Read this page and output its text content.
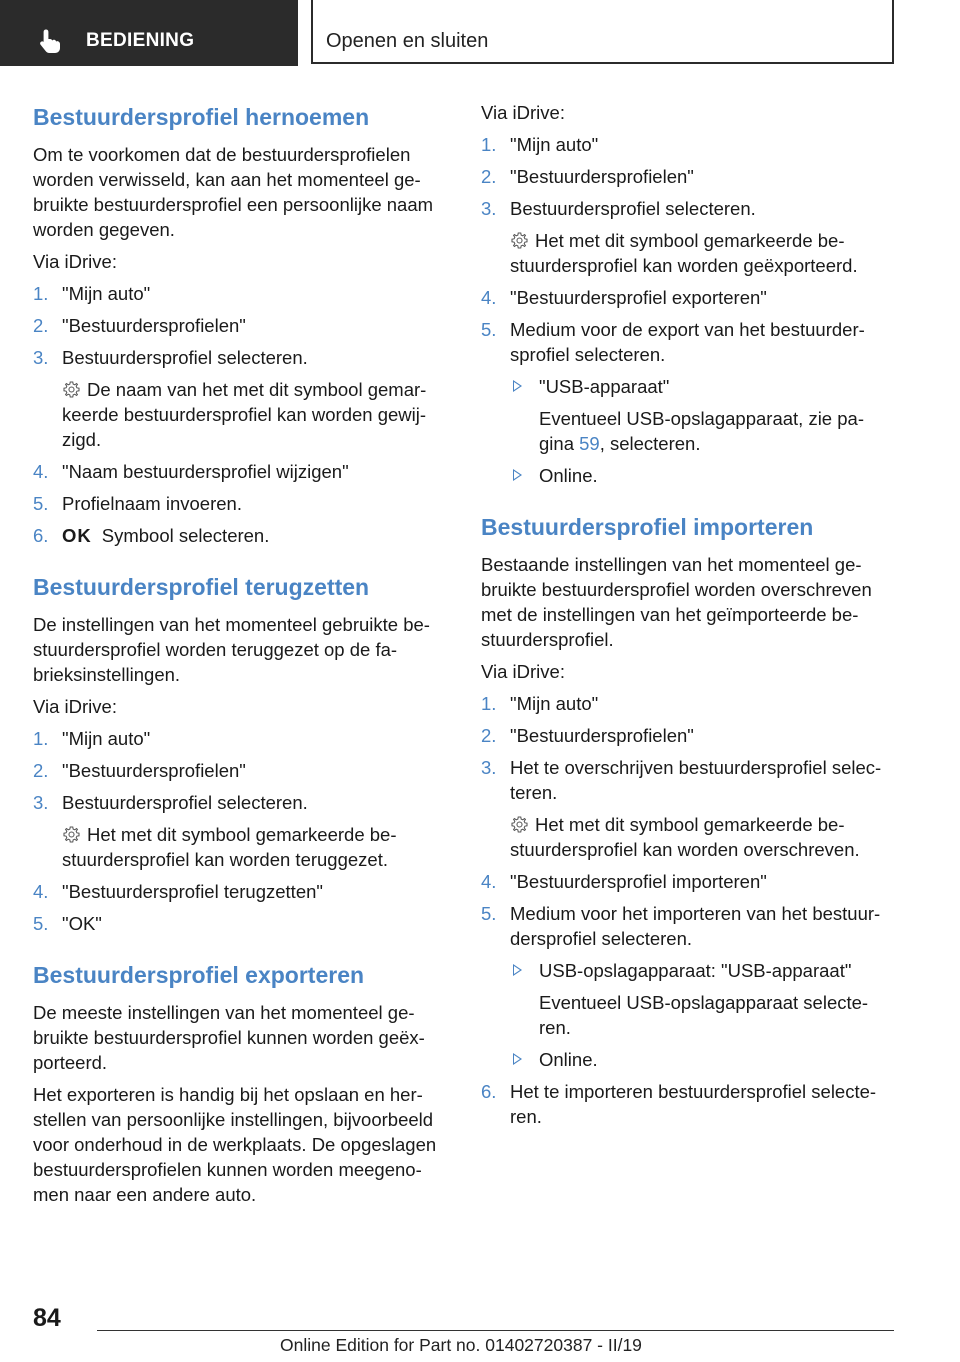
BEDIENING	Openen en sluiten
Bestuurdersprofiel hernoemen

Om te voorkomen dat de bestuurdersprofielen worden verwisseld, kan aan het momenteel ge- bruikte bestuurdersprofiel een persoonlijke naam worden gegeven.

Via iDrive:

1. "Mijn auto"
2. "Bestuurdersprofielen"
3. Bestuurdersprofiel selecteren.
De naam van het met dit symbool gemar- keerde bestuurdersprofiel kan worden gewij- zigd.
4. "Naam bestuurdersprofiel wijzigen"
5. Profielnaam invoeren.
6. OK Symbool selecteren.
Bestuurdersprofiel terugzetten

De instellingen van het momenteel gebruikte be- stuurdersprofiel worden teruggezet op de fa- brieksinstellingen.

Via iDrive:

1. "Mijn auto"
2. "Bestuurdersprofielen"
3. Bestuurdersprofiel selecteren.
Het met dit symbool gemarkeerde be- stuurdersprofiel kan worden teruggezet.
4. "Bestuurdersprofiel terugzetten"
5. "OK"
Bestuurdersprofiel exporteren

De meeste instellingen van het momenteel ge- bruikte bestuurdersprofiel kunnen worden geëx- porteerd.

Het exporteren is handig bij het opslaan en her- stellen van persoonlijke instellingen, bijvoorbeeld voor onderhoud in de werkplaats. De opgeslagen bestuurdersprofielen kunnen worden meegeno- men naar een andere auto.

Via iDrive:

1. "Mijn auto"
2. "Bestuurdersprofielen"
3. Bestuurdersprofiel selecteren.
Het met dit symbool gemarkeerde be- stuurdersprofiel kan worden geëxporteerd.
4. "Bestuurdersprofiel exporteren"
5. Medium voor de export van het bestuurder- sprofiel selecteren.
"USB-apparaat"
Eventueel USB-opslagapparaat, zie pa- gina 59, selecteren.
Online.
Bestuurdersprofiel importeren

Bestaande instellingen van het momenteel ge- bruikte bestuurdersprofiel worden overschreven met de instellingen van het geïmporteerde be- stuurdersprofiel.

Via iDrive:

1. "Mijn auto"
2. "Bestuurdersprofielen"
3. Het te overschrijven bestuurdersprofiel selec- teren.
Het met dit symbool gemarkeerde be- stuurdersprofiel kan worden overschreven.
4. "Bestuurdersprofiel importeren"
5. Medium voor het importeren van het bestuur- dersprofiel selecteren.
USB-opslagapparaat: "USB-apparaat"
Eventueel USB-opslagapparaat selecte- ren.
Online.
6. Het te importeren bestuurdersprofiel selecte- ren.
84
Online Edition for Part no. 01402720387 - II/19
